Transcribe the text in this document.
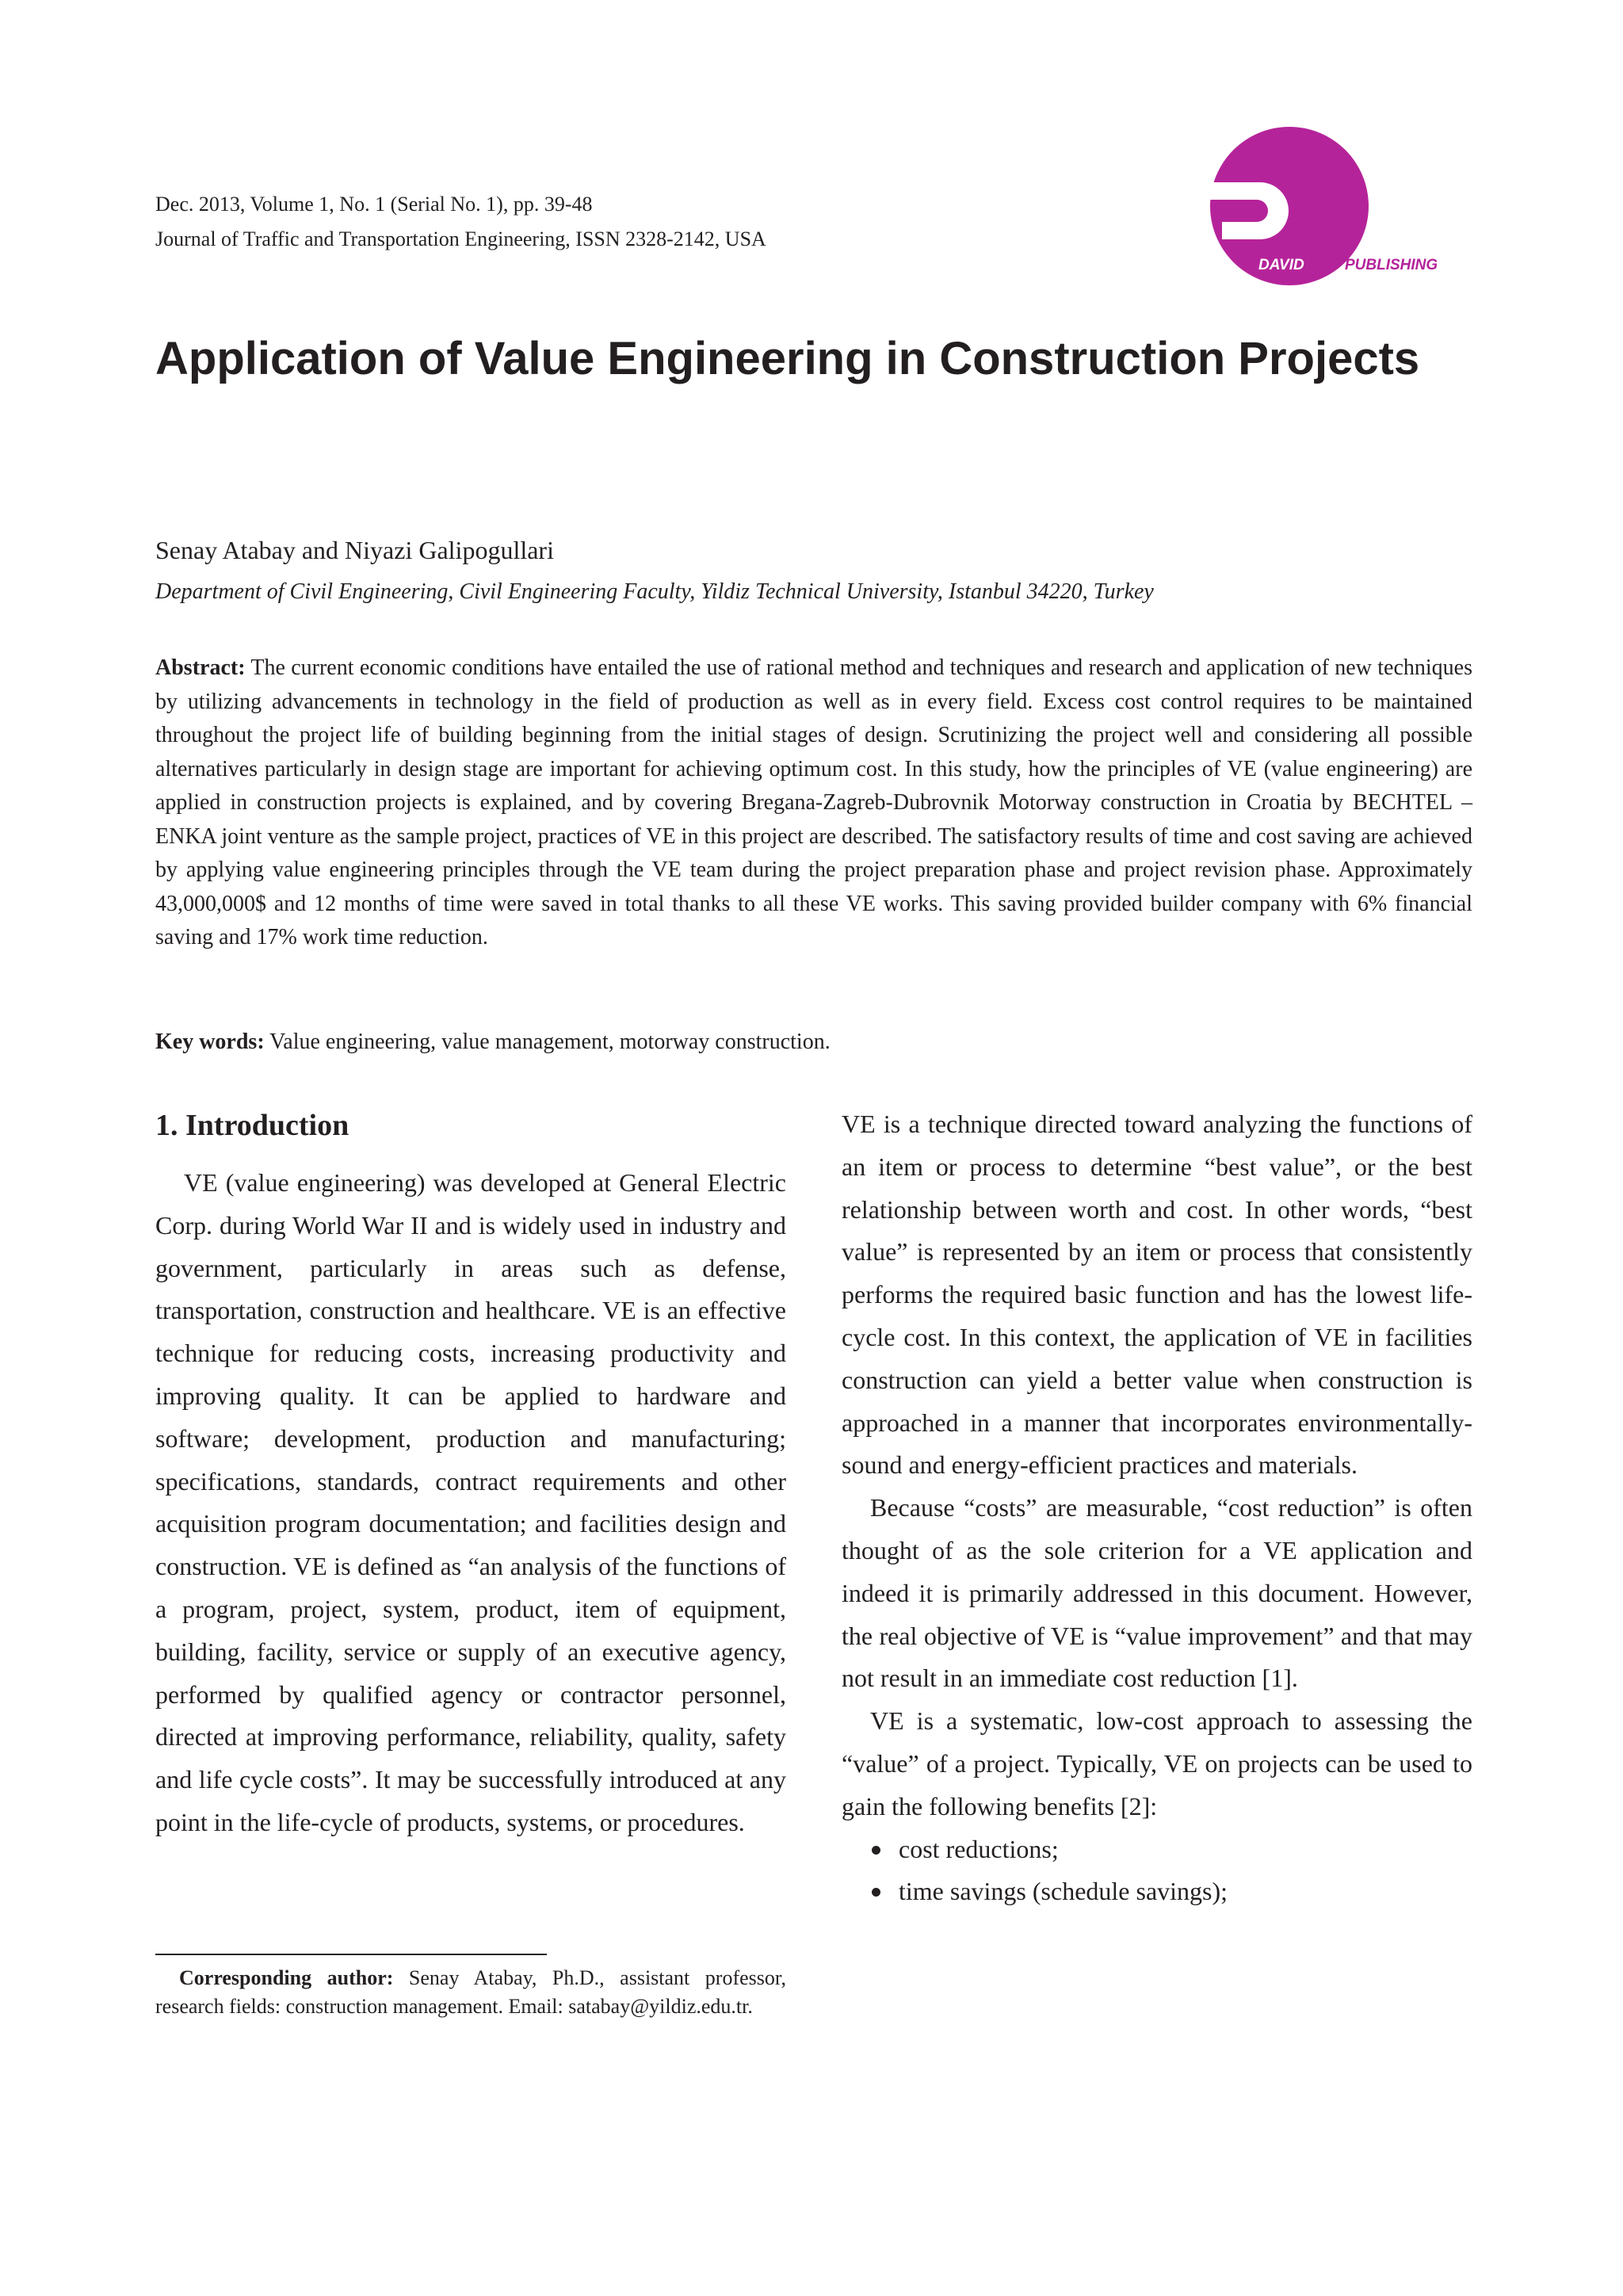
Dec. 2013, Volume 1, No. 1 (Serial No. 1), pp. 39-48
Journal of Traffic and Transportation Engineering, ISSN 2328-2142, USA
DAVID	PUBLISHING
Application of Value Engineering in Construction Projects
Senay Atabay and Niyazi Galipogullari
Department of Civil Engineering, Civil Engineering Faculty, Yildiz Technical University, Istanbul 34220, Turkey
Abstract: The current economic conditions have entailed the use of rational method and techniques and research and application of new techniques by utilizing advancements in technology in the field of production as well as in every field. Excess cost control requires to be maintained throughout the project life of building beginning from the initial stages of design. Scrutinizing the project well and considering all possible alternatives particularly in design stage are important for achieving optimum cost. In this study, how the principles of VE (value engineering) are applied in construction projects is explained, and by covering Bregana-Zagreb-Dubrovnik Motorway construction in Croatia by BECHTEL – ENKA joint venture as the sample project, practices of VE in this project are described. The satisfactory results of time and cost saving are achieved by applying value engineering principles through the VE team during the project preparation phase and project revision phase. Approximately 43,000,000$ and 12 months of time were saved in total thanks to all these VE works. This saving provided builder company with 6% financial saving and 17% work time reduction.
Key words: Value engineering, value management, motorway construction.
1. Introduction

VE (value engineering) was developed at General Electric Corp. during World War II and is widely used in industry and government, particularly in areas such as defense, transportation, construction and healthcare. VE is an effective technique for reducing costs, increasing productivity and improving quality. It can be applied to hardware and software; development, production and manufacturing; specifications, standards, contract requirements and other acquisition program documentation; and facilities design and construction. VE is defined as “an analysis of the functions of a program, project, system, product, item of equipment, building, facility, service or supply of an executive agency, performed by qualified agency or contractor personnel, directed at improving performance, reliability, quality, safety and life cycle costs”. It may be successfully introduced at any point in the life-cycle of products, systems, or procedures.

VE is a technique directed toward analyzing the functions of an item or process to determine “best value”, or the best relationship between worth and cost. In other words, “best value” is represented by an item or process that consistently performs the required basic function and has the lowest life-cycle cost. In this context, the application of VE in facilities construction can yield a better value when construction is approached in a manner that incorporates environmentally-sound and energy-efficient practices and materials.

Because “costs” are measurable, “cost reduction” is often thought of as the sole criterion for a VE application and indeed it is primarily addressed in this document. However, the real objective of VE is “value improvement” and that may not result in an immediate cost reduction [1].

VE is a systematic, low-cost approach to assessing the “value” of a project. Typically, VE on projects can be used to gain the following benefits [2]:

cost reductions;
time savings (schedule savings);
Corresponding author: Senay Atabay, Ph.D., assistant professor, research fields: construction management. Email: satabay@yildiz.edu.tr.
